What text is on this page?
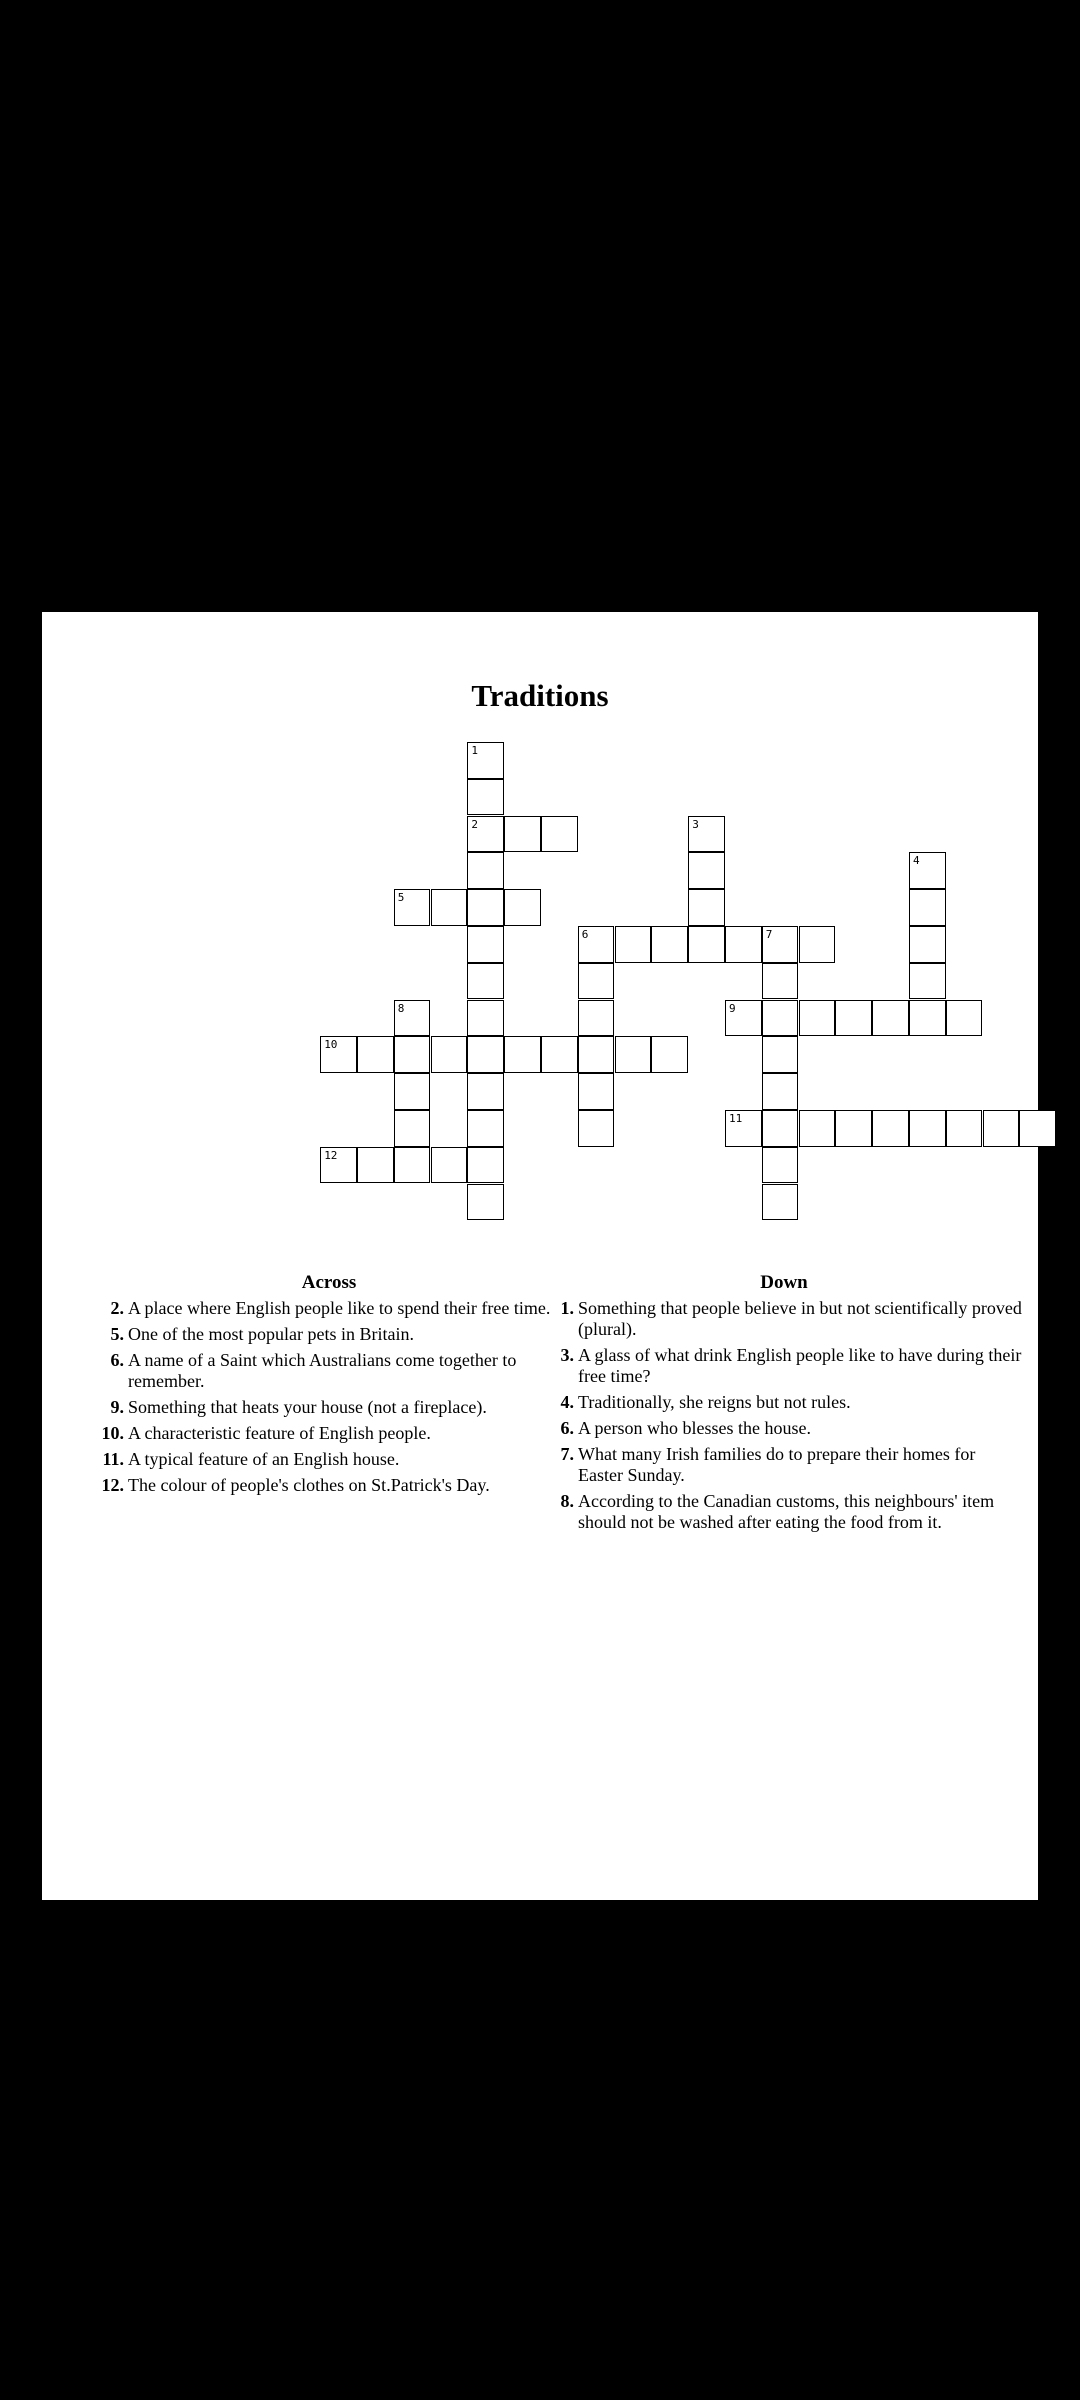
Traditions
1
2	3
4
5
6	7
8	9
10
11
12
Across
2. A place where English people like to spend their free time.
5. One of the most popular pets in Britain.
6. A name of a Saint which Australians come together to remember.
9. Something that heats your house (not a fireplace).
10. A characteristic feature of English people.
11. A typical feature of an English house.
12. The colour of people's clothes on St.Patrick's Day.
Down
1. Something that people believe in but not scientifically proved (plural).
3. A glass of what drink English people like to have during their free time?
4. Traditionally, she reigns but not rules.
6. A person who blesses the house.
7. What many Irish families do to prepare their homes for Easter Sunday.
8. According to the Canadian customs, this neighbours' item should not be washed after eating the food from it.
